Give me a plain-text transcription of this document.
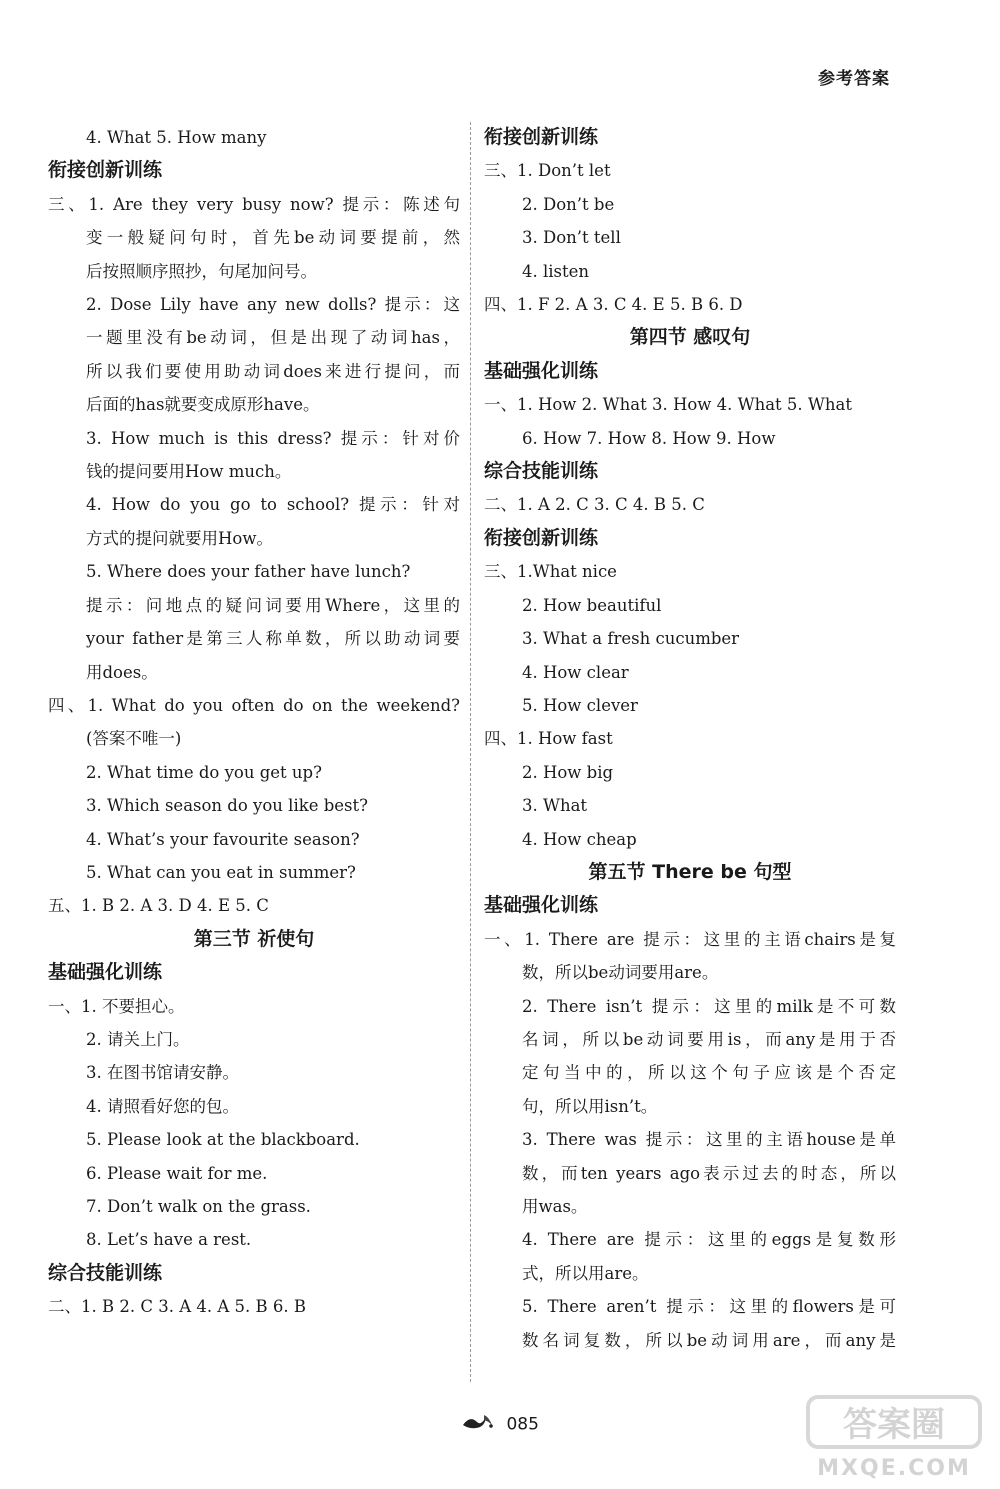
参考答案
4. What 5. How many
衔接创新训练
三、1. Are they very busy now? 提示：陈述句
变一般疑问句时，首先be动词要提前，然
后按照顺序照抄，句尾加问号。
2. Dose Lily have any new dolls? 提示：这
一题里没有be动词，但是出现了动词has，
所以我们要使用助动词does来进行提问，而
后面的has就要变成原形have。
3. How much is this dress? 提示：针对价
钱的提问要用How much。
4. How do you go to school? 提示：针对
方式的提问就要用How。
5. Where does your father have lunch?
提示：问地点的疑问词要用Where，这里的
your father是第三人称单数，所以助动词要
用does。
四、1. What do you often do on the weekend?
(答案不唯一)
2. What time do you get up?
3. Which season do you like best?
4. What’s your favourite season?
5. What can you eat in summer?
五、1. B 2. A 3. D 4. E 5. C
第三节 祈使句
基础强化训练
一、1. 不要担心。
2. 请关上门。
3. 在图书馆请安静。
4. 请照看好您的包。
5. Please look at the blackboard.
6. Please wait for me.
7. Don’t walk on the grass.
8. Let’s have a rest.
综合技能训练
二、1. B 2. C 3. A 4. A 5. B 6. B
衔接创新训练
三、1. Don’t let
2. Don’t be
3. Don’t tell
4. listen
四、1. F 2. A 3. C 4. E 5. B 6. D
第四节 感叹句
基础强化训练
一、1. How 2. What 3. How 4. What 5. What
6. How 7. How 8. How 9. How
综合技能训练
二、1. A 2. C 3. C 4. B 5. C
衔接创新训练
三、1.What nice
2. How beautiful
3. What a fresh cucumber
4. How clear
5. How clever
四、1. How fast
2. How big
3. What
4. How cheap
第五节 There be 句型
基础强化训练
一、1. There are 提示：这里的主语chairs是复
数，所以be动词要用are。
2. There isn’t 提示：这里的milk是不可数
名词，所以be动词要用is，而any是用于否
定句当中的，所以这个句子应该是个否定
句，所以用isn’t。
3. There was 提示：这里的主语house是单
数，而ten years ago表示过去的时态，所以
用was。
4. There are 提示：这里的eggs是复数形
式，所以用are。
5. There aren’t 提示：这里的flowers是可
数名词复数，所以be动词用are，而any是
085	答案圈
MXQE.COM
